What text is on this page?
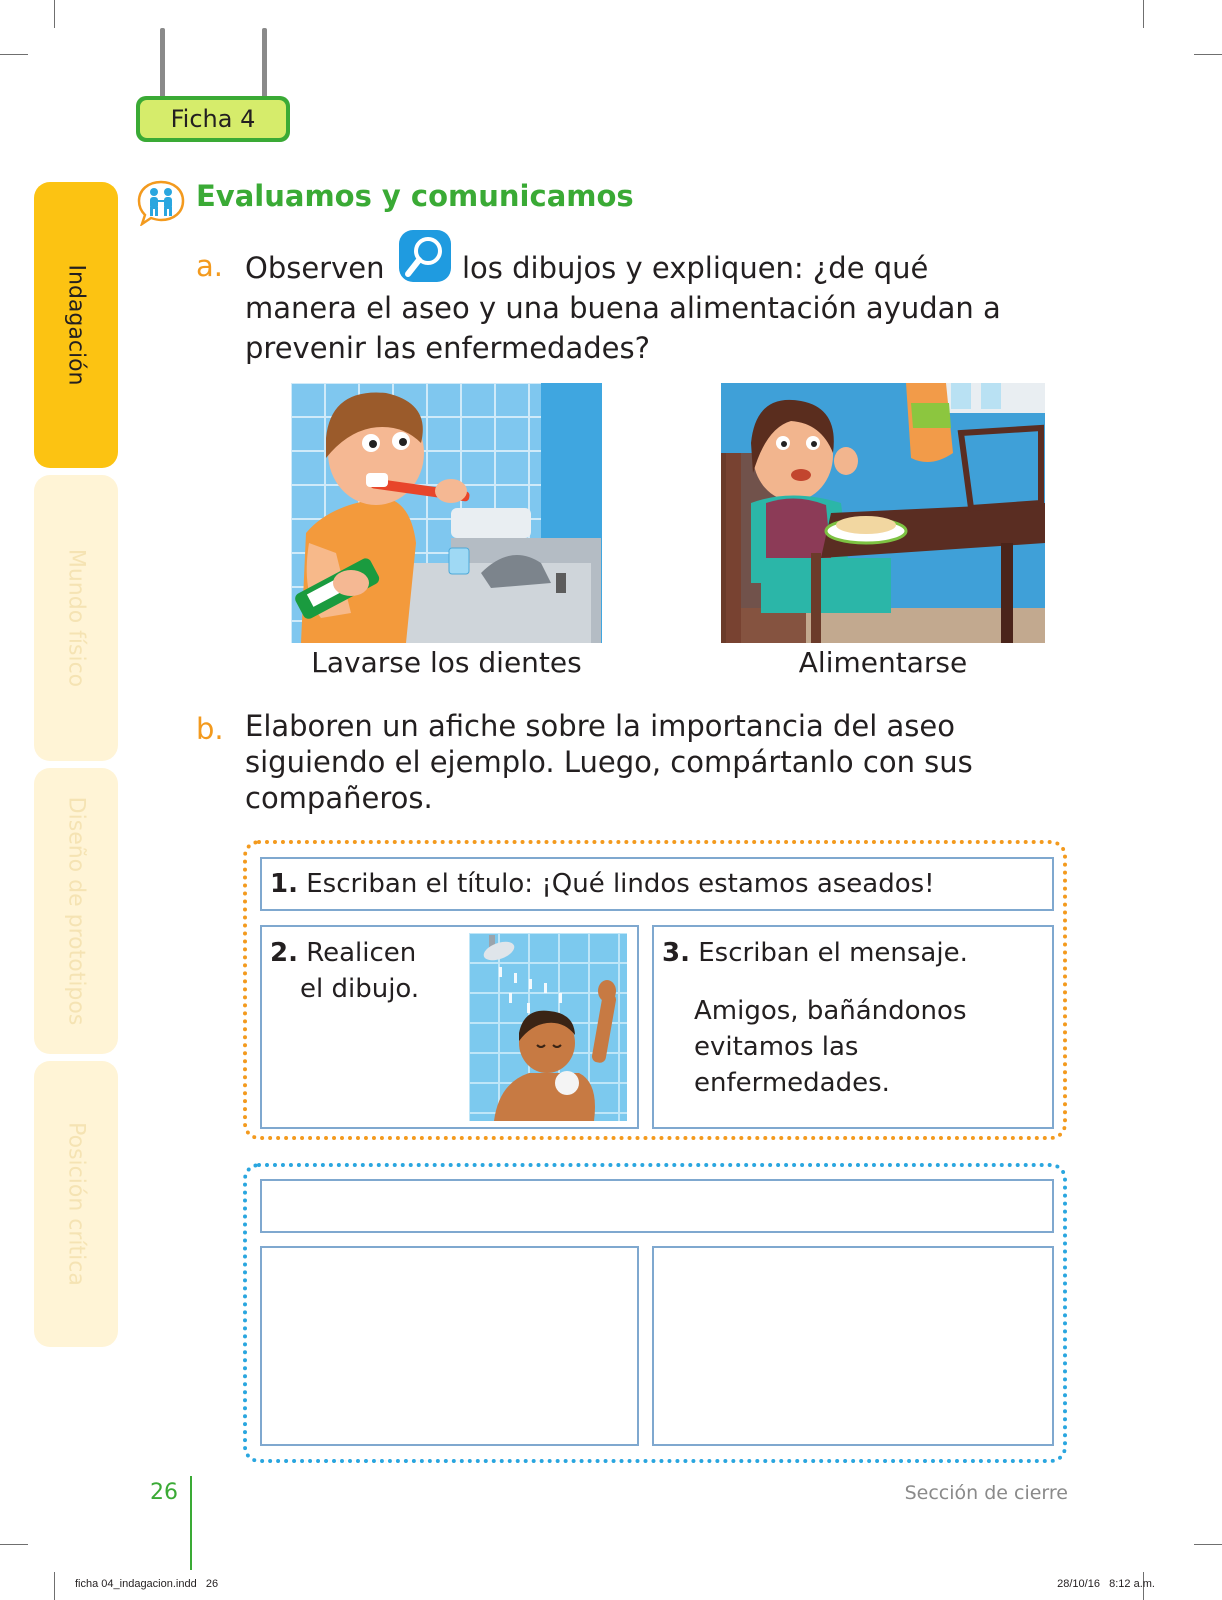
Ficha 4
Indagación
Mundo físico
Diseño de prototipos
Posición crítica
Evaluamos y comunicamos
a. Observen	los dibujos y expliquen: ¿de qué
manera el aseo y una buena alimentación ayudan a
prevenir las enfermedades?
Lavarse los dientes	Alimentarse
b. Elaboren un afiche sobre la importancia del aseo
siguiendo el ejemplo. Luego, compártanlo con sus
compañeros.
1. Escriban el título: ¡Qué lindos estamos aseados!
2. Realicen
el dibujo.
3. Escriban el mensaje.
Amigos, bañándonos
evitamos las
enfermedades.
26	Sección de cierre
ficha 04_indagacion.indd   26	28/10/16   8:12 a.m.
